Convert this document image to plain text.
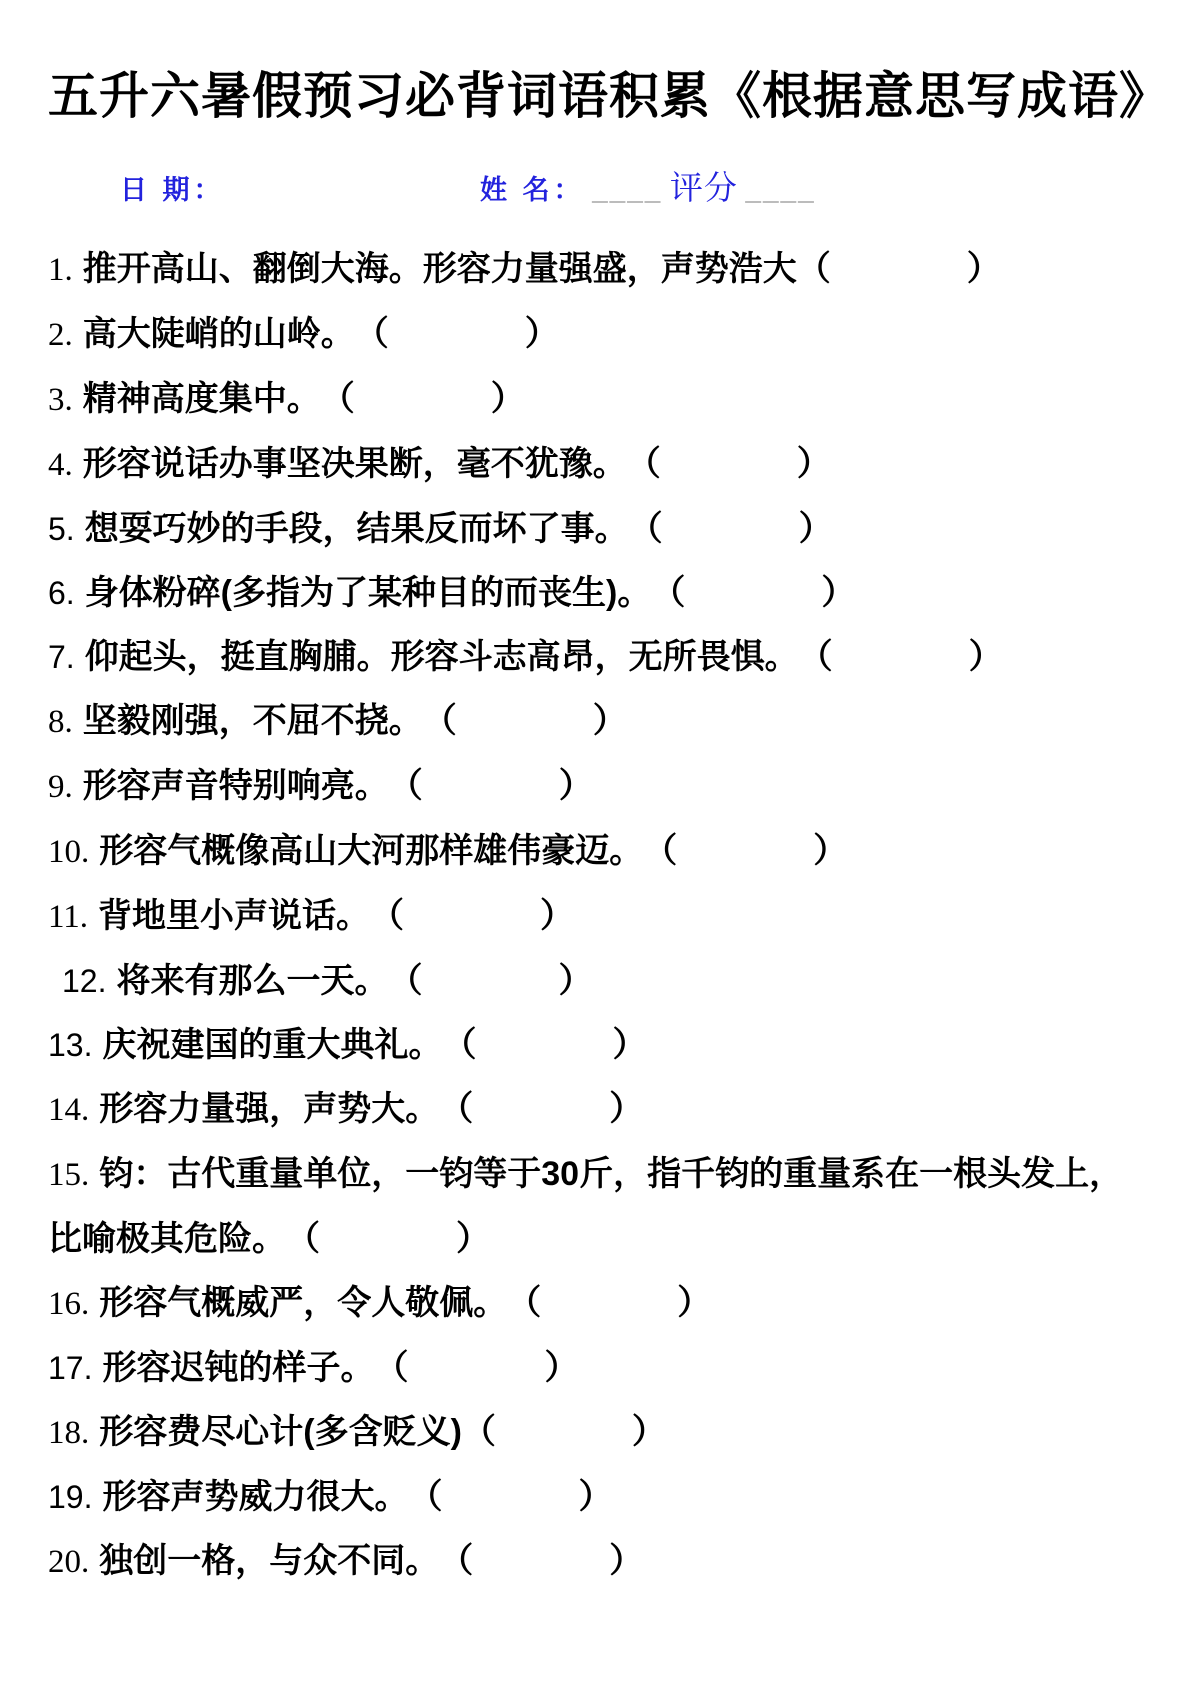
五升六暑假预习必背词语积累《根据意思写成语》
日 期：	姓 名： ____ 评分 ____
1. 推开高山、翻倒大海。形容力量强盛，声势浩大（　　　　）
2. 高大陡峭的山岭。　（　　　　）
3. 精神高度集中。　（　　　　）
4. 形容说话办事坚决果断，毫不犹豫。　（　　　　）
5. 想耍巧妙的手段，结果反而坏了事。　（　　　　）
6. 身体粉碎(多指为了某种目的而丧生)。　（　　　　）
7. 仰起头，挺直胸脯。形容斗志高昂，无所畏惧。　（　　　　）
8. 坚毅刚强，不屈不挠。　（　　　　）
9. 形容声音特别响亮。　（　　　　）
10. 形容气概像高山大河那样雄伟豪迈。　（　　　　）
11. 背地里小声说话。　（　　　　）
12. 将来有那么一天。　（　　　　）
13. 庆祝建国的重大典礼。　（　　　　）
14. 形容力量强，声势大。　（　　　　）
15. 钧：古代重量单位，一钧等于30斤，指千钧的重量系在一根头发上，比喻极其危险。　（　　　　）
16. 形容气概威严，令人敬佩。　（　　　　）
17. 形容迟钝的样子。　（　　　　）
18. 形容费尽心计(多含贬义)（　　　　）
19. 形容声势威力很大。　（　　　　）
20. 独创一格，与众不同。　（　　　　）
